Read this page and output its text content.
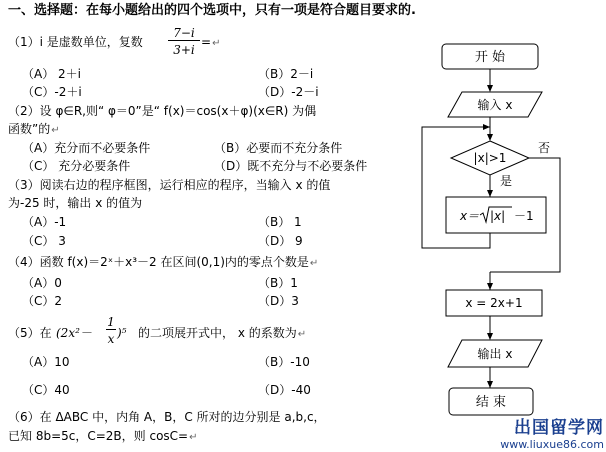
一、选择题：在每小题给出的四个选项中，只有一项是符合题目要求的.
（1）i 是虚数单位，复数
7−i
3+i
=↵
（A） 2＋i	（B）2－i
（C）-2＋i	（D）-2－i
（2）设 φ∈R,则“ φ＝0”是“ f(x)＝cos(x＋φ)(x∈R) 为偶
函数”的↵
（A）充分而不必要条件	（B）必要而不充分条件
（C） 充分必要条件	（D）既不充分与不必要条件
（3）阅读右边的程序框图，运行相应的程序，当输入 x 的值
为-25 时，输出 x 的值为
（A）-1	（B） 1
（C） 3	（D） 9
（4）函数 f(x)＝2ˣ＋x³－2 在区间(0,1)内的零点个数是↵
（A）0	（B）1
（C）2	（D）3
（5）在 (2x²－
1
x )⁵ 的二项展开式中， x 的系数为↵
（A）10	（B）-10
（C）40	（D）-40
（6）在 ΔABC 中，内角 A，B，C 所对的边分别是 a,b,c，
已知 8b=5c，C=2B，则 cosC=↵
开 始
输入 x
|x|>1
否
是
x＝ |x| －1
x = 2x+1
输出 x
结 束
出国留学网
www.liuxue86.com
